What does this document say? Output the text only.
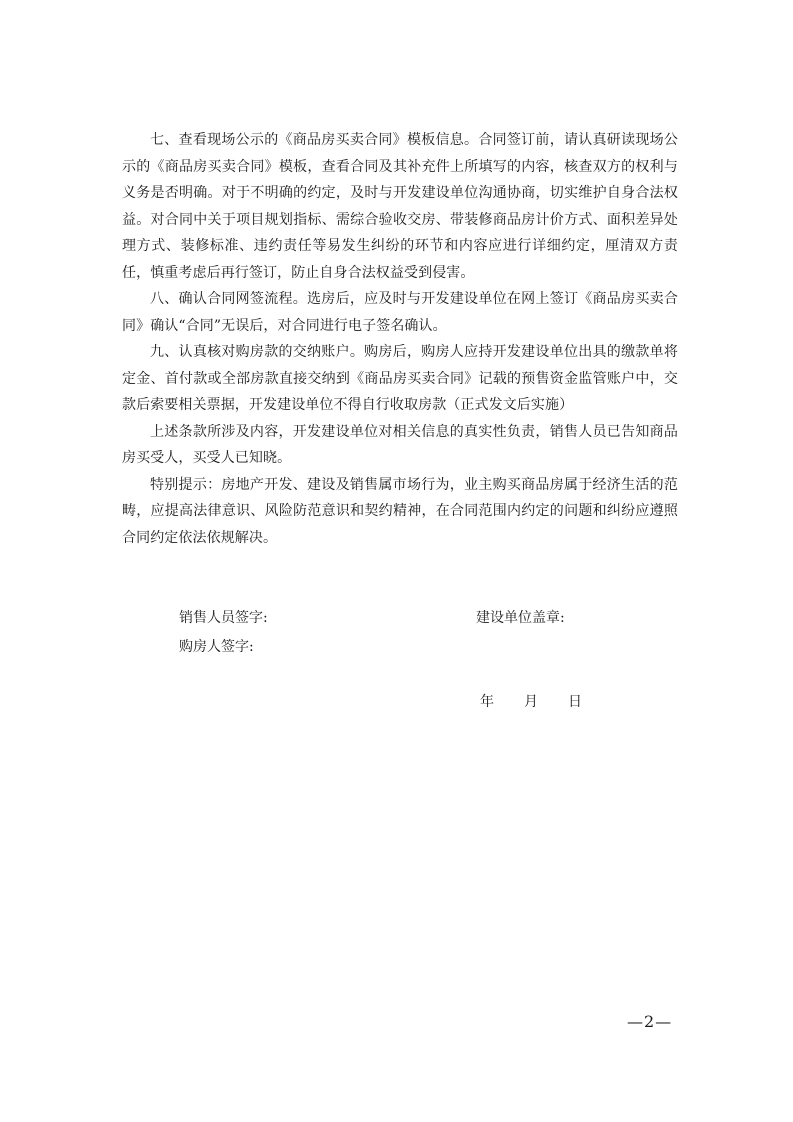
七、查看现场公示的《商品房买卖合同》模板信息。合同签订前，请认真研读现场公示的《商品房买卖合同》模板，查看合同及其补充件上所填写的内容，核查双方的权利与义务是否明确。对于不明确的约定，及时与开发建设单位沟通协商，切实维护自身合法权益。对合同中关于项目规划指标、需综合验收交房、带装修商品房计价方式、面积差异处理方式、装修标准、违约责任等易发生纠纷的环节和内容应进行详细约定，厘清双方责任，慎重考虑后再行签订，防止自身合法权益受到侵害。

八、确认合同网签流程。选房后，应及时与开发建设单位在网上签订《商品房买卖合同》确认“合同”无误后，对合同进行电子签名确认。

九、认真核对购房款的交纳账户。购房后，购房人应持开发建设单位出具的缴款单将定金、首付款或全部房款直接交纳到《商品房买卖合同》记载的预售资金监管账户中，交款后索要相关票据，开发建设单位不得自行收取房款（正式发文后实施）

上述条款所涉及内容，开发建设单位对相关信息的真实性负责，销售人员已告知商品房买受人，买受人已知晓。

特别提示：房地产开发、建设及销售属市场行为，业主购买商品房属于经济生活的范畴，应提高法律意识、风险防范意识和契约精神，在合同范围内约定的问题和纠纷应遵照合同约定依法依规解决。

销售人员签字:
购房人签字:
建设单位盖章:
年 月 日
—2—
